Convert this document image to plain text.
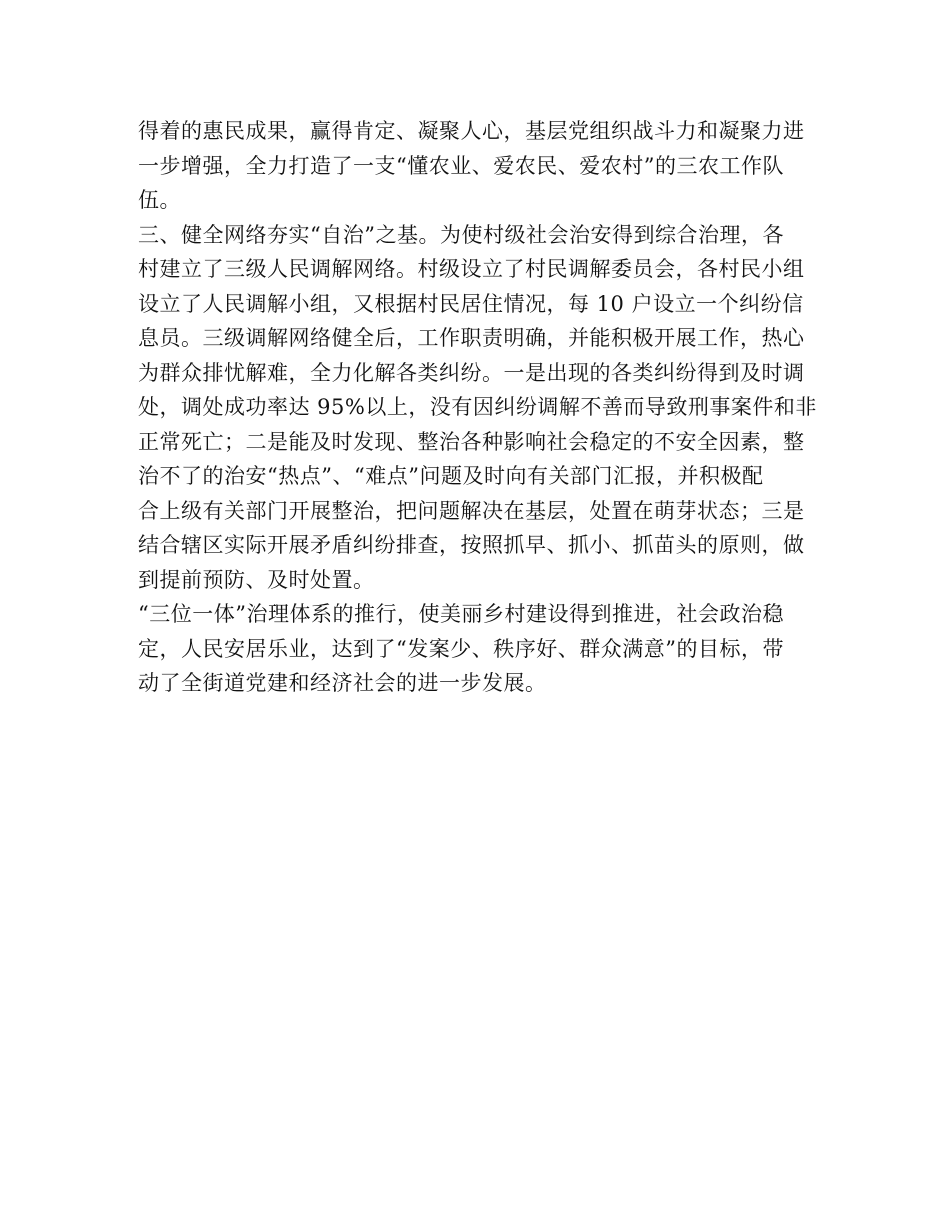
得着的惠民成果，赢得肯定、凝聚人心，基层党组织战斗力和凝聚力进
一步增强，全力打造了一支“懂农业、爱农民、爱农村”的三农工作队
伍。
三、健全网络夯实“自治”之基。为使村级社会治安得到综合治理，各
村建立了三级人民调解网络。村级设立了村民调解委员会，各村民小组
设立了人民调解小组，又根据村民居住情况，每 10 户设立一个纠纷信
息员。三级调解网络健全后，工作职责明确，并能积极开展工作，热心
为群众排忧解难，全力化解各类纠纷。一是出现的各类纠纷得到及时调
处，调处成功率达 95%以上，没有因纠纷调解不善而导致刑事案件和非
正常死亡；二是能及时发现、整治各种影响社会稳定的不安全因素，整
治不了的治安“热点”、“难点”问题及时向有关部门汇报，并积极配
合上级有关部门开展整治，把问题解决在基层，处置在萌芽状态；三是
结合辖区实际开展矛盾纠纷排查，按照抓早、抓小、抓苗头的原则，做
到提前预防、及时处置。
“三位一体”治理体系的推行，使美丽乡村建设得到推进，社会政治稳
定，人民安居乐业，达到了“发案少、秩序好、群众满意”的目标，带
动了全街道党建和经济社会的进一步发展。
